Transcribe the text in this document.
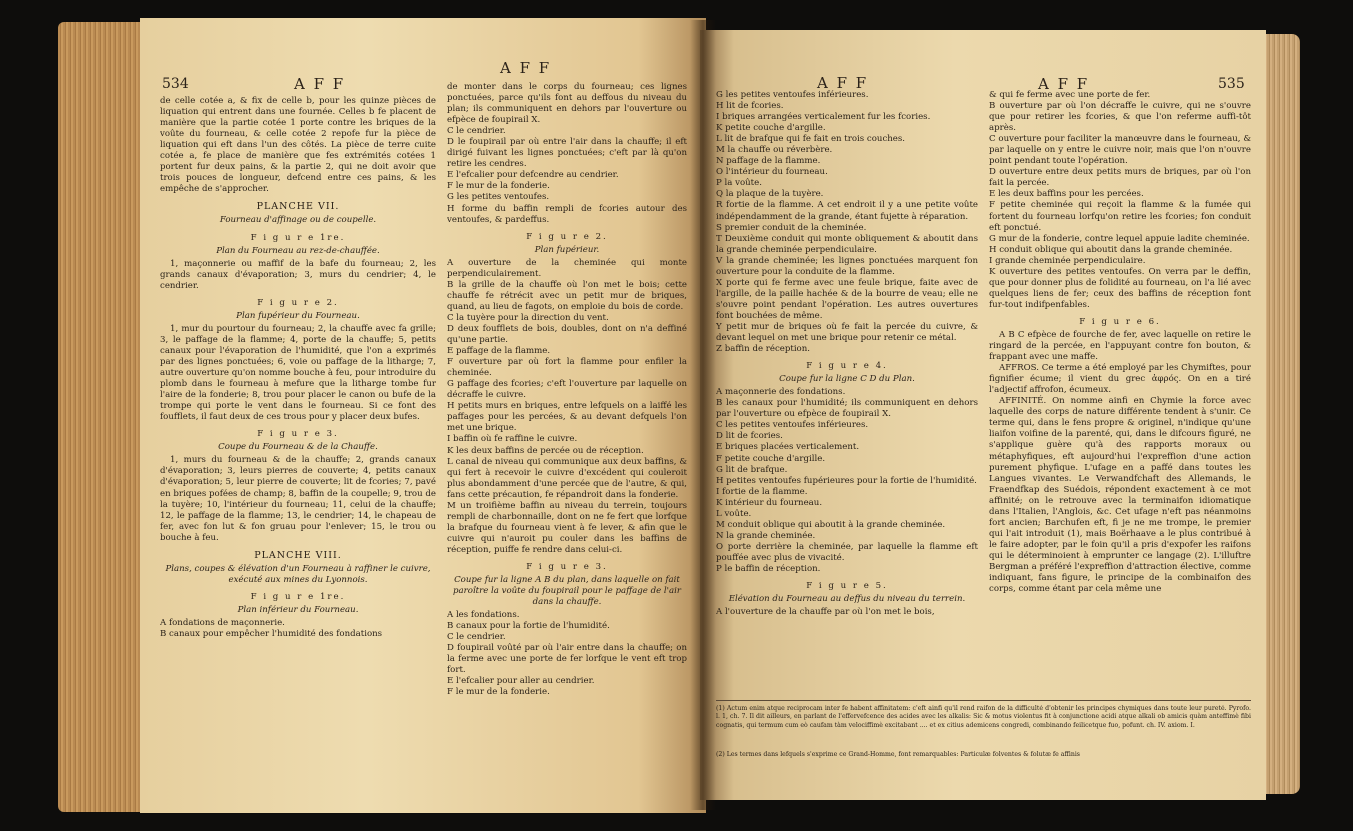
534	A F F
A F F

de celle cotée a, & fix de celle b, pour les quinze pièces de liquation qui entrent dans une fournée. Celles b fe placent de manière que la partie cotée 1 porte contre les briques de la voûte du fourneau, & celle cotée 2 repofe fur la pièce de liquation qui eft dans l'un des côtés. La pièce de terre cuite cotée a, fe place de manière que fes extrémités cotées 1 portent fur deux pains, & la partie 2, qui ne doit avoir que trois pouces de longueur, defcend entre ces pains, & les empêche de s'approcher.

PLANCHE VII.

Fourneau d'affinage ou de coupelle.

F i g u r e 1re.

Plan du Fourneau au rez-de-chauffée.

1, maçonnerie ou maffif de la bafe du fourneau; 2, les grands canaux d'évaporation; 3, murs du cendrier; 4, le cendrier.

F i g u r e 2.

Plan fupérieur du Fourneau.

1, mur du pourtour du fourneau; 2, la chauffe avec fa grille; 3, le paffage de la flamme; 4, porte de la chauffe; 5, petits canaux pour l'évaporation de l'humidité, que l'on a exprimés par des lignes ponctuées; 6, voie ou paffage de la litharge; 7, autre ouverture qu'on nomme bouche à feu, pour introduire du plomb dans le fourneau à mefure que la litharge tombe fur l'aire de la fonderie; 8, trou pour placer le canon ou bufe de la trompe qui porte le vent dans le fourneau. Si ce font des foufflets, il faut deux de ces trous pour y placer deux bufes.

F i g u r e 3.

Coupe du Fourneau & de la Chauffe.

1, murs du fourneau & de la chauffe; 2, grands canaux d'évaporation; 3, leurs pierres de couverte; 4, petits canaux d'évaporation; 5, leur pierre de couverte; lit de fcories; 7, pavé en briques pofées de champ; 8, baffin de la coupelle; 9, trou de la tuyère; 10, l'intérieur du fourneau; 11, celui de la chauffe; 12, le paffage de la flamme; 13, le cendrier; 14, le chapeau de fer, avec fon lut & fon gruau pour l'enlever; 15, le trou ou bouche à feu.

PLANCHE VIII.

Plans, coupes & élévation d'un Fourneau à raffiner le cuivre, exécuté aux mines du Lyonnois.

F i g u r e 1re.

Plan inférieur du Fourneau.

A fondations de maçonnerie.

B canaux pour empêcher l'humidité des fondations

de monter dans le corps du fourneau; ces lignes ponctuées, parce qu'ils font au deffous du niveau du plan; ils communiquent en dehors par l'ouverture ou efpèce de foupirail X.

C le cendrier.

D le foupirail par où entre l'air dans la chauffe; il eft dirigé fuivant les lignes ponctuées; c'eft par là qu'on retire les cendres.

E l'efcalier pour defcendre au cendrier.

F le mur de la fonderie.

G les petites ventoufes.

H forme du baffin rempli de fcories autour des ventoufes, & pardeffus.

F i g u r e 2.

Plan fupérieur.

A ouverture de la cheminée qui monte perpendiculairement.

B la grille de la chauffe où l'on met le bois; cette chauffe fe rétrécit avec un petit mur de briques, quand, au lieu de fagots, on emploie du bois de corde.

C la tuyère pour la direction du vent.

D deux foufflets de bois, doubles, dont on n'a deffiné qu'une partie.

E paffage de la flamme.

F ouverture par où fort la flamme pour enfiler la cheminée.

G paffage des fcories; c'eft l'ouverture par laquelle on décraffe le cuivre.

H petits murs en briques, entre lefquels on a laiffé les paffages pour les percées, & au devant defquels l'on met une brique.

I baffin où fe raffine le cuivre.

K les deux baffins de percée ou de réception.

L canal de niveau qui communique aux deux baffins, & qui fert à recevoir le cuivre d'excédent qui couleroit plus abondamment d'une percée que de l'autre, & qui, fans cette précaution, fe répandroit dans la fonderie.

M un troifième baffin au niveau du terrein, toujours rempli de charbonnaille, dont on ne fe fert que lorfque la brafque du fourneau vient à fe lever, & afin que le cuivre qui n'auroit pu couler dans les baffins de réception, puiffe fe rendre dans celui-ci.

F i g u r e 3.

Coupe fur la ligne A B du plan, dans laquelle on fait paroître la voûte du foupirail pour le paffage de l'air dans la chauffe.

A les fondations.

B canaux pour la fortie de l'humidité.

C le cendrier.

D foupirail voûté par où l'air entre dans la chauffe; on la ferme avec une porte de fer lorfque le vent eft trop fort.

E l'efcalier pour aller au cendrier.

F le mur de la fonderie.

A F F	A F F	535

G les petites ventoufes inférieures.

H lit de fcories.

I briques arrangées verticalement fur les fcories.

K petite couche d'argille.

L lit de brafque qui fe fait en trois couches.

M la chauffe ou réverbère.

N paffage de la flamme.

O l'intérieur du fourneau.

P la voûte.

Q la plaque de la tuyère.

R fortie de la flamme. A cet endroit il y a une petite voûte indépendamment de la grande, étant fujette à réparation.

S premier conduit de la cheminée.

T Deuxième conduit qui monte obliquement & aboutit dans la grande cheminée perpendiculaire.

V la grande cheminée; les lignes ponctuées marquent fon ouverture pour la conduite de la flamme.

X porte qui fe ferme avec une feule brique, faite avec de l'argille, de la paille hachée & de la bourre de veau; elle ne s'ouvre point pendant l'opération. Les autres ouvertures font bouchées de même.

Y petit mur de briques où fe fait la percée du cuivre, & devant lequel on met une brique pour retenir ce métal.

Z baffin de réception.

F i g u r e 4.

Coupe fur la ligne C D du Plan.

A maçonnerie des fondations.

B les canaux pour l'humidité; ils communiquent en dehors par l'ouverture ou efpèce de foupirail X.

C les petites ventoufes inférieures.

D lit de fcories.

E briques placées verticalement.

F petite couche d'argille.

G lit de brafque.

H petites ventoufes fupérieures pour la fortie de l'humidité.

I fortie de la flamme.

K intérieur du fourneau.

L voûte.

M conduit oblique qui aboutit à la grande cheminée.

N la grande cheminée.

O porte derrière la cheminée, par laquelle la flamme eft pouffée avec plus de vivacité.

P le baffin de réception.

F i g u r e 5.

Elévation du Fourneau au deffus du niveau du terrein.

A l'ouverture de la chauffe par où l'on met le bois,

& qui fe ferme avec une porte de fer.

B ouverture par où l'on décraffe le cuivre, qui ne s'ouvre que pour retirer les fcories, & que l'on referme auffi-tôt après.

C ouverture pour faciliter la manœuvre dans le fourneau, & par laquelle on y entre le cuivre noir, mais que l'on n'ouvre point pendant toute l'opération.

D ouverture entre deux petits murs de briques, par où l'on fait la percée.

E les deux baffins pour les percées.

F petite cheminée qui reçoit la flamme & la fumée qui fortent du fourneau lorfqu'on retire les fcories; fon conduit eft ponctué.

G mur de la fonderie, contre lequel appuie ladite cheminée.

H conduit oblique qui aboutit dans la grande cheminée.

I grande cheminée perpendiculaire.

K ouverture des petites ventoufes. On verra par le deffin, que pour donner plus de folidité au fourneau, on l'a lié avec quelques liens de fer; ceux des baffins de réception font fur-tout indifpenfables.

F i g u r e 6.

A B C efpèce de fourche de fer, avec laquelle on retire le ringard de la percée, en l'appuyant contre fon bouton, & frappant avec une maffe.

AFFROS. Ce terme a été employé par les Chymiftes, pour fignifier écume; il vient du grec ἀφρός. On en a tiré l'adjectif affrofon, écumeux.

AFFINITÉ. On nomme ainfi en Chymie la force avec laquelle des corps de nature différente tendent à s'unir. Ce terme qui, dans le fens propre & originel, n'indique qu'une liaifon voifine de la parenté, qui, dans le difcours figuré, ne s'applique guère qu'à des rapports moraux ou métaphyfiques, eft aujourd'hui l'expreffion d'une action purement phyfique. L'ufage en a paffé dans toutes les Langues vivantes. Le Verwandfchaft des Allemands, le Fraendfkap des Suédois, répondent exactement à ce mot affinité; on le retrouve avec la terminaifon idiomatique dans l'Italien, l'Anglois, &c. Cet ufage n'eft pas néanmoins fort ancien; Barchufen eft, fi je ne me trompe, le premier qui l'ait introduit (1), mais Boërhaave a le plus contribué à le faire adopter, par le foin qu'il a pris d'expofer les raifons qui le déterminoient à emprunter ce langage (2). L'illuftre Bergman a préféré l'expreffion d'attraction élective, comme indiquant, fans figure, le principe de la combinaifon des corps, comme étant par cela même une

(1) Actum enim atque reciprocam inter fe habent affinitatem: c'eft ainfi qu'il rend raifon de la difficulté d'obtenir les principes chymiques dans toute leur pureté. Pyrofo. l. 1, ch. 7. Il dit ailleurs, en parlant de l'effervefcence des acides avec les alkalis: Sic & motus violentus fit à conjunctione acidi atque alkali ob amicis quàm anteffimè fibi cognatis, qui termum cum eò caufam tàm velociffimè excitabant .... et ex citius ademicens congredi, combinando feilicetque fuo, pofunt. ch. IV. axiom. I.
(2) Les termes dans lefquels s'exprime ce Grand-Homme, font remarquables: Particulæ folventes & folutæ fe affinis
